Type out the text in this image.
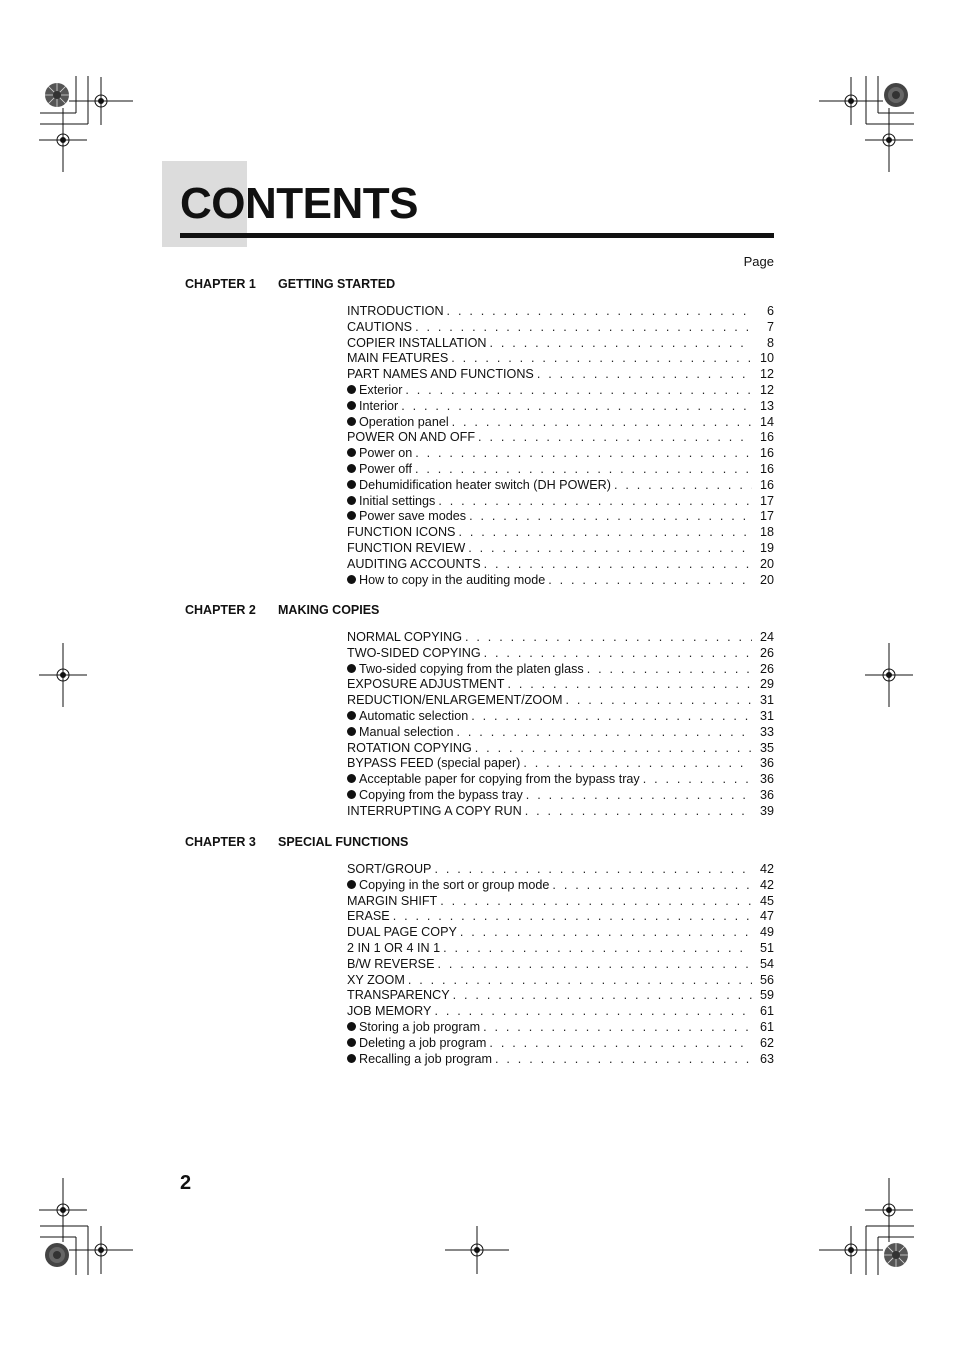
CONTENTS
Page
CHAPTER 1 GETTING STARTED
INTRODUCTION . . .	6
CAUTIONS . . .	7
COPIER INSTALLATION . . .	8
MAIN FEATURES . . .	10
PART NAMES AND FUNCTIONS . . .	12
Exterior . . .	12
Interior . . .	13
Operation panel . . .	14
POWER ON AND OFF . . .	16
Power on . . .	16
Power off . . .	16
Dehumidification heater switch (DH POWER) . . .	16
Initial settings . . .	17
Power save modes . . .	17
FUNCTION ICONS . . .	18
FUNCTION REVIEW . . .	19
AUDITING ACCOUNTS . . .	20
How to copy in the auditing mode . . .	20
CHAPTER 2 MAKING COPIES
NORMAL COPYING . . .	24
TWO-SIDED COPYING . . .	26
Two-sided copying from the platen glass . . .	26
EXPOSURE ADJUSTMENT . . .	29
REDUCTION/ENLARGEMENT/ZOOM . . .	31
Automatic selection . . .	31
Manual selection . . .	33
ROTATION COPYING . . .	35
BYPASS FEED (special paper) . . .	36
Acceptable paper for copying from the bypass tray . . .	36
Copying from the bypass tray . . .	36
INTERRUPTING A COPY RUN . . .	39
CHAPTER 3 SPECIAL FUNCTIONS
SORT/GROUP . . .	42
Copying in the sort or group mode . . .	42
MARGIN SHIFT . . .	45
ERASE . . .	47
DUAL PAGE COPY . . .	49
2 IN 1 OR 4 IN 1 . . .	51
B/W REVERSE . . .	54
XY ZOOM . . .	56
TRANSPARENCY . . .	59
JOB MEMORY . . .	61
Storing a job program . . .	61
Deleting a job program . . .	62
Recalling a job program . . .	63
2
